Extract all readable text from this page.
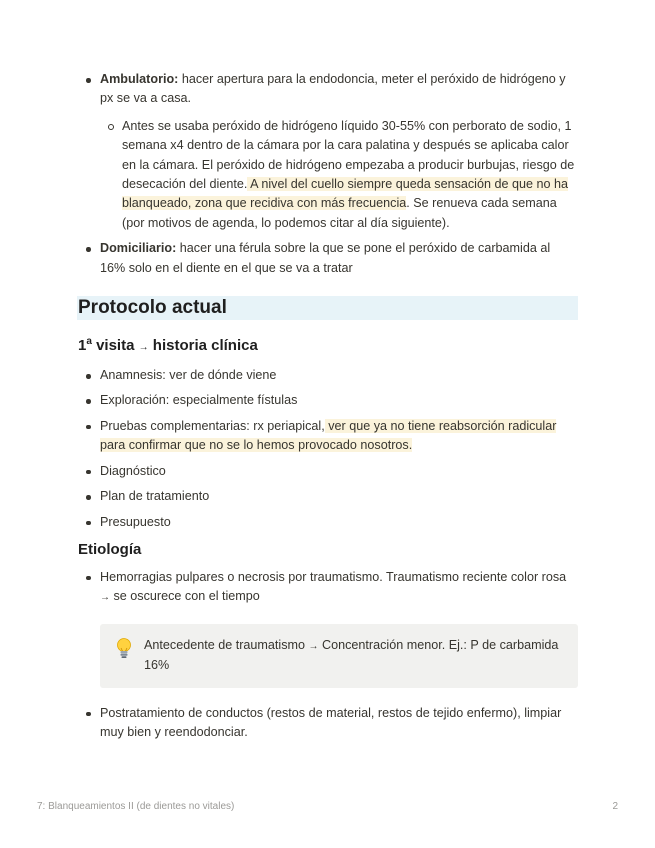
Ambulatorio: hacer apertura para la endodoncia, meter el peróxido de hidrógeno y px se va a casa.
Antes se usaba peróxido de hidrógeno líquido 30-55% con perborato de sodio, 1 semana x4 dentro de la cámara por la cara palatina y después se aplicaba calor en la cámara. El peróxido de hidrógeno empezaba a producir burbujas, riesgo de desecación del diente. A nivel del cuello siempre queda sensación de que no ha blanqueado, zona que recidiva con más frecuencia. Se renueva cada semana (por motivos de agenda, lo podemos citar al día siguiente).
Domiciliario: hacer una férula sobre la que se pone el peróxido de carbamida al 16% solo en el diente en el que se va a tratar
Protocolo actual
1$^a$ visita → historia clínica
Anamnesis: ver de dónde viene
Exploración: especialmente fístulas
Pruebas complementarias: rx periapical, ver que ya no tiene reabsorción radicular para confirmar que no se lo hemos provocado nosotros.
Diagnóstico
Plan de tratamiento
Presupuesto
Etiología
Hemorragias pulpares o necrosis por traumatismo. Traumatismo reciente color rosa → se oscurece con el tiempo
Antecedente de traumatismo → Concentración menor. Ej.: P de carbamida 16%
Postratamiento de conductos (restos de material, restos de tejido enfermo), limpiar muy bien y reendodonciar.
7: Blanqueamientos II (de dientes no vitales)	2
